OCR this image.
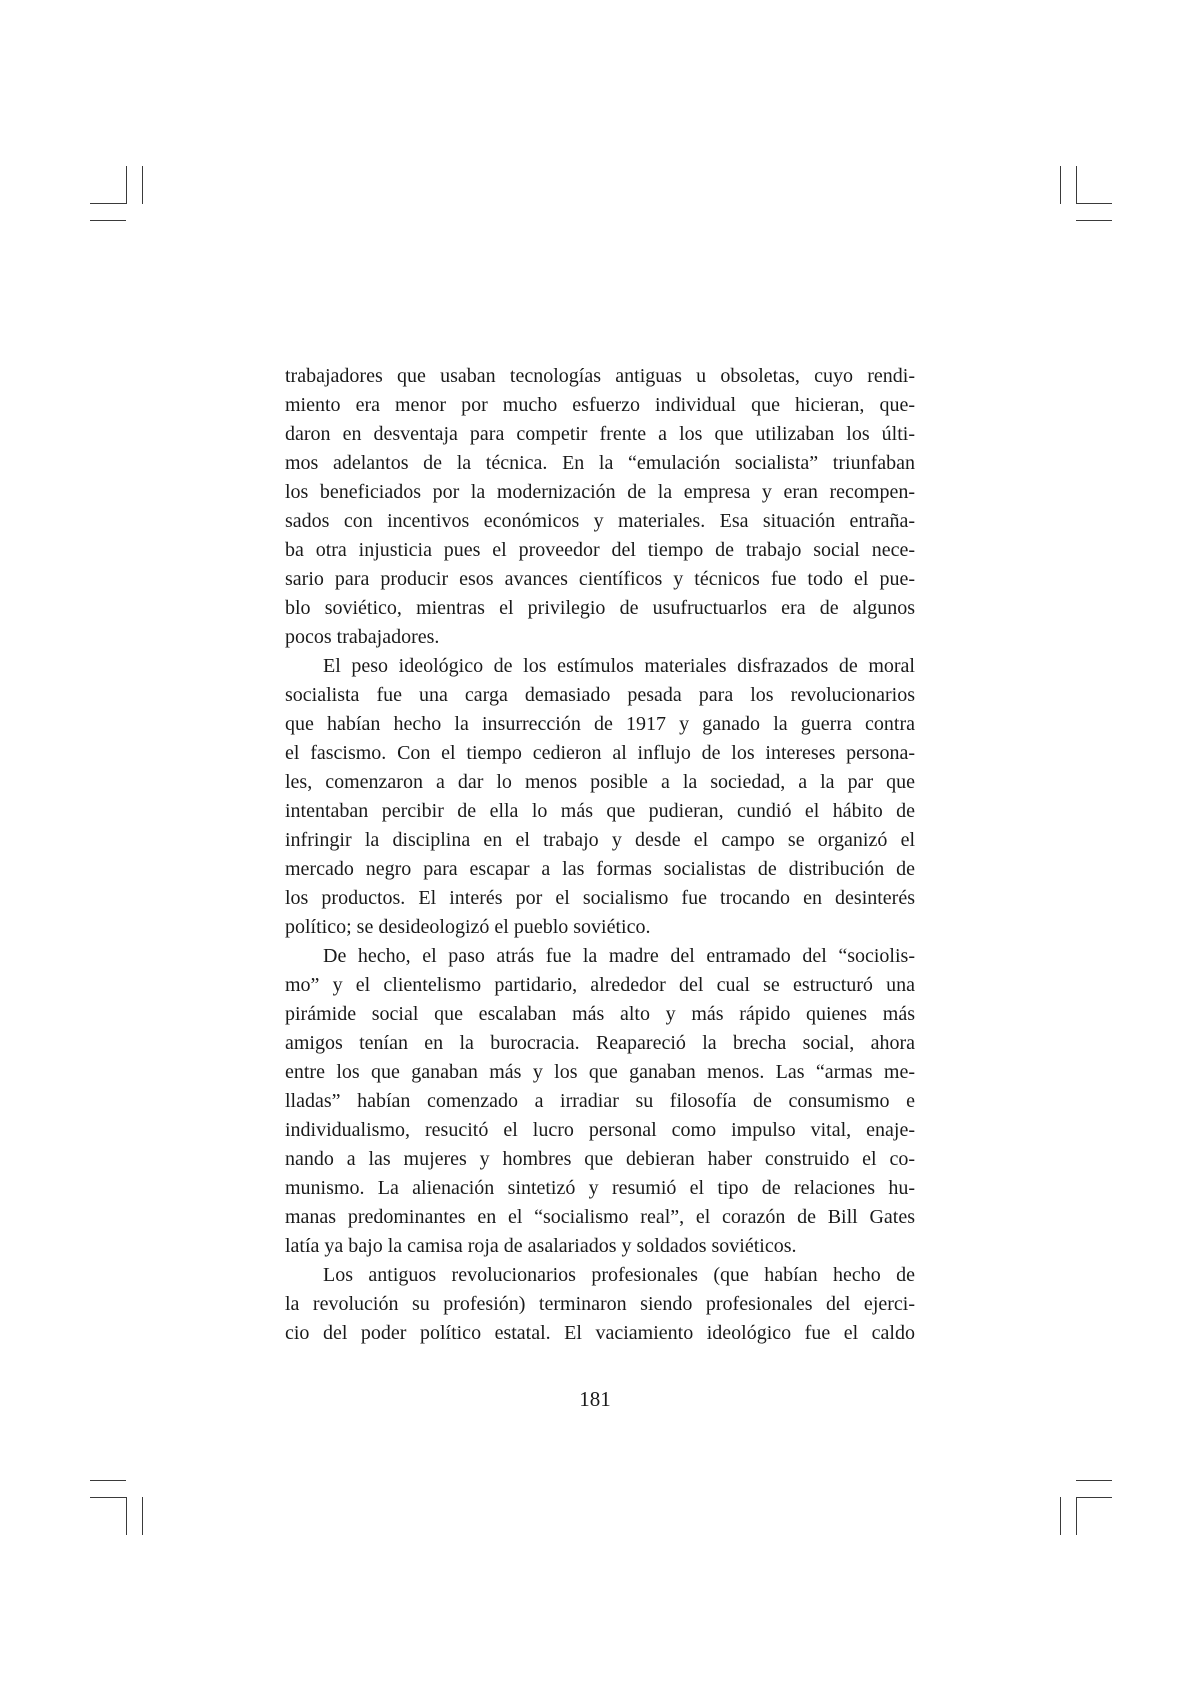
trabajadores que usaban tecnologías antiguas u obsoletas, cuyo rendi-
miento era menor por mucho esfuerzo individual que hicieran, que-
daron en desventaja para competir frente a los que utilizaban los últi-
mos adelantos de la técnica. En la “emulación socialista” triunfaban
los beneficiados por la modernización de la empresa y eran recompen-
sados con incentivos económicos y materiales. Esa situación entraña-
ba otra injusticia pues el proveedor del tiempo de trabajo social nece-
sario para producir esos avances científicos y técnicos fue todo el pue-
blo soviético, mientras el privilegio de usufructuarlos era de algunos
pocos trabajadores.
El peso ideológico de los estímulos materiales disfrazados de moral
socialista fue una carga demasiado pesada para los revolucionarios
que habían hecho la insurrección de 1917 y ganado la guerra contra
el fascismo. Con el tiempo cedieron al influjo de los intereses persona-
les, comenzaron a dar lo menos posible a la sociedad, a la par que
intentaban percibir de ella lo más que pudieran, cundió el hábito de
infringir la disciplina en el trabajo y desde el campo se organizó el
mercado negro para escapar a las formas socialistas de distribución de
los productos. El interés por el socialismo fue trocando en desinterés
político; se desideologizó el pueblo soviético.
De hecho, el paso atrás fue la madre del entramado del “sociolis-
mo” y el clientelismo partidario, alrededor del cual se estructuró una
pirámide social que escalaban más alto y más rápido quienes más
amigos tenían en la burocracia. Reapareció la brecha social, ahora
entre los que ganaban más y los que ganaban menos. Las “armas me-
lladas” habían comenzado a irradiar su filosofía de consumismo e
individualismo, resucitó el lucro personal como impulso vital, enaje-
nando a las mujeres y hombres que debieran haber construido el co-
munismo. La alienación sintetizó y resumió el tipo de relaciones hu-
manas predominantes en el “socialismo real”, el corazón de Bill Gates
latía ya bajo la camisa roja de asalariados y soldados soviéticos.
Los antiguos revolucionarios profesionales (que habían hecho de
la revolución su profesión) terminaron siendo profesionales del ejerci-
cio del poder político estatal. El vaciamiento ideológico fue el caldo
181
